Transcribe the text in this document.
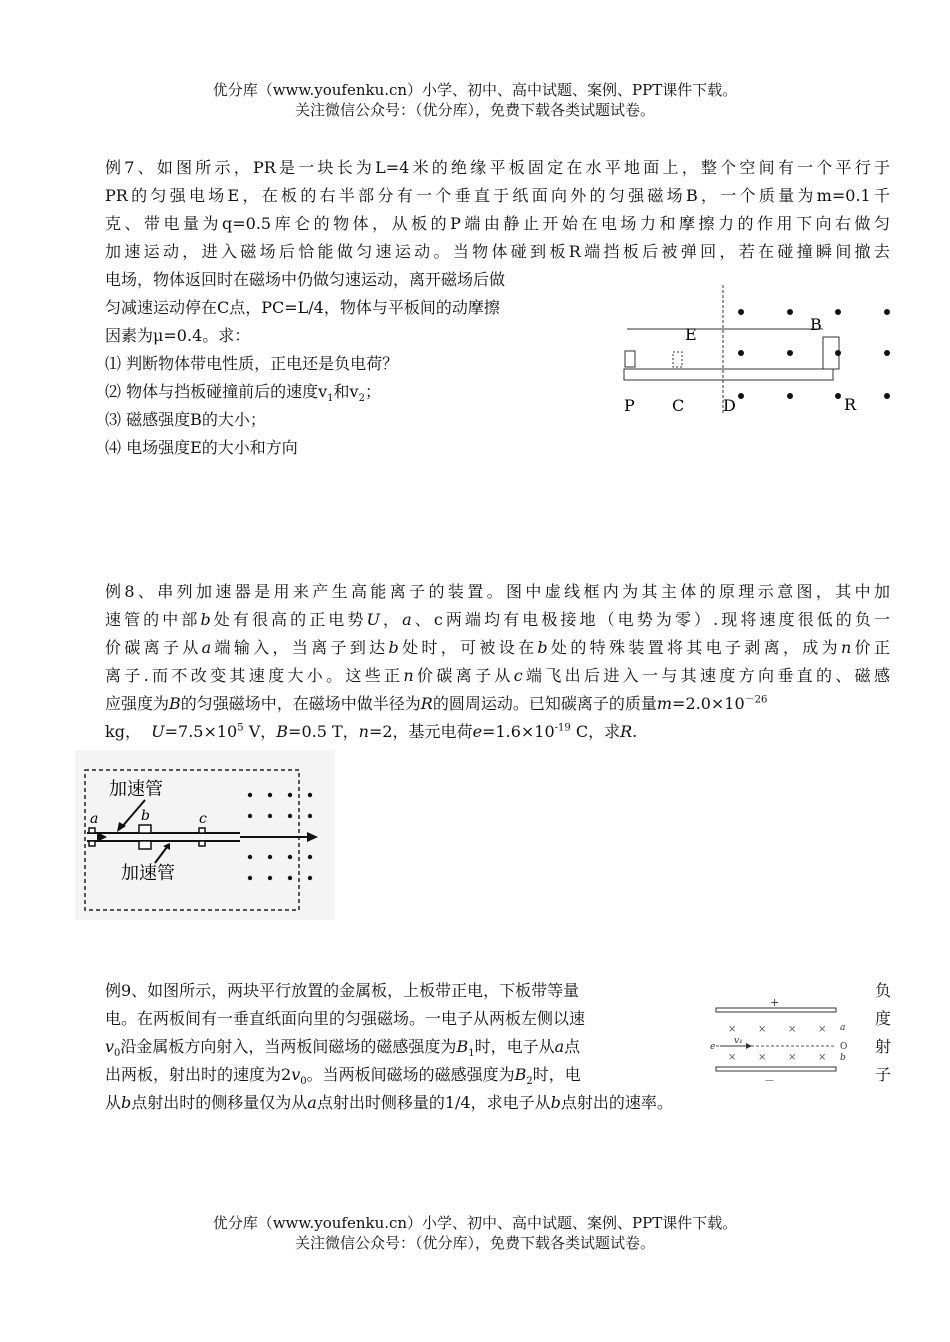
优分库（www.youfenku.cn）小学、初中、高中试题、案例、PPT课件下载。
关注微信公众号：（优分库），免费下载各类试题试卷。
例7、如图所示，PR是一块长为L=4米的绝缘平板固定在水平地面上，整个空间有一个平行于
PR的匀强电场E，在板的右半部分有一个垂直于纸面向外的匀强磁场B，一个质量为m=0.1千
克、带电量为q=0.5库仑的物体，从板的P端由静止开始在电场力和摩擦力的作用下向右做匀
加速运动，进入磁场后恰能做匀速运动。当物体碰到板R端挡板后被弹回，若在碰撞瞬间撤去
电场，物体返回时在磁场中仍做匀速运动，离开磁场后做
匀减速运动停在C点，PC=L/4，物体与平板间的动摩擦
因素为μ=0.4。求：
⑴ 判断物体带电性质，正电还是负电荷？
⑵ 物体与挡板碰撞前后的速度$v_1$和$v_2$；
⑶ 磁感强度B的大小；
⑷ 电场强度E的大小和方向
E
B
P C D	R
例8、串列加速器是用来产生高能离子的装置。图中虚线框内为其主体的原理示意图，其中加
速管的中部b处有很高的正电势U，a、c两端均有电极接地（电势为零）.现将速度很低的负一
价碳离子从a端输入，当离子到达b处时，可被设在b处的特殊装置将其电子剥离，成为n价正
离子.而不改变其速度大小。这些正n价碳离子从c端飞出后进入一与其速度方向垂直的、磁感
应强度为B的匀强磁场中，在磁场中做半径为R的圆周运动。已知碳离子的质量$m=2.0\times 10^{-26}$
kg， $U=7.5\times 10^5$ V，B=0.5 T，n=2，基元电荷$e=1.6\times 10^{-19}$ C，求R.
加速管
加速管
a	b	c
例9、如图所示，两块平行放置的金属板，上板带正电，下板带等量	负
电。在两板间有一垂直纸面向里的匀强磁场。一电子从两板左侧以速	度
$v_0$沿金属板方向射入，当两板间磁场的磁感强度为$B_1$时，电子从a点	射
出两板，射出时的速度为$2v_0$。当两板间磁场的磁感强度为$B_2$时，电	子
从b点射出时的侧移量仅为从a点射出时侧移量的1/4，求电子从b点射出的速率。
+
－
× × × ×
× × × ×
e
v₁
a
O
b
优分库（www.youfenku.cn）小学、初中、高中试题、案例、PPT课件下载。
关注微信公众号：（优分库），免费下载各类试题试卷。
